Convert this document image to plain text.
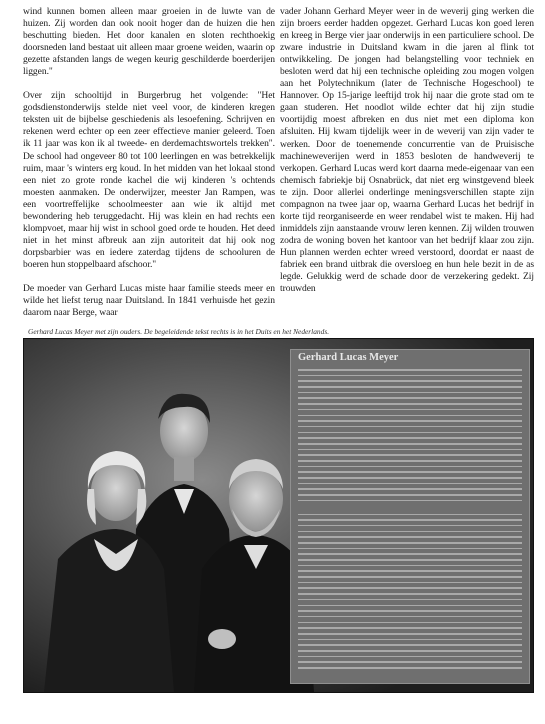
wind kunnen bomen alleen maar groeien in de luwte van de huizen. Zij worden dan ook nooit hoger dan de huizen die hen beschutting bieden. Het door kanalen en sloten rechthoekig doorsneden land bestaat uit alleen maar groene weiden, waarin op gezette afstanden langs de wegen keurig geschilderde boerderijen liggen."

Over zijn schooltijd in Burgerbrug het volgende: "Het godsdienstonderwijs stelde niet veel voor, de kinderen kregen teksten uit de bijbelse geschiedenis als lesoefening. Schrijven en rekenen werd echter op een zeer effectieve manier geleerd. Toen ik 11 jaar was kon ik al tweede- en derdemachtswortels trekken". De school had ongeveer 80 tot 100 leerlingen en was betrekkelijk ruim, maar 's winters erg koud. In het midden van het lokaal stond een niet zo grote ronde kachel die wij kinderen 's ochtends moesten aanmaken. De onderwijzer, meester Jan Rampen, was een voortreffelijke schoolmeester aan wie ik altijd met bewondering heb teruggedacht. Hij was klein en had rechts een klompvoet, maar hij wist in school goed orde te houden. Het deed niet in het minst afbreuk aan zijn autoriteit dat hij ook nog dorpsbarbier was en iedere zaterdag tijdens de schooluren de boeren hun stoppelbaard afschoor."

De moeder van Gerhard Lucas miste haar familie steeds meer en wilde het liefst terug naar Duitsland. In 1841 verhuisde het gezin daarom naar Berge, waar

vader Johann Gerhard Meyer weer in de weverij ging werken die zijn broers eerder hadden opgezet. Gerhard Lucas kon goed leren en kreeg in Berge vier jaar onderwijs in een particuliere school. De zware industrie in Duitsland kwam in die jaren al flink tot ontwikkeling. De jongen had belangstelling voor techniek en besloten werd dat hij een technische opleiding zou mogen volgen aan het Polytechnikum (later de Technische Hogeschool) te Hannover. Op 15-jarige leeftijd trok hij naar die grote stad om te gaan studeren. Het noodlot wilde echter dat hij zijn studie voortijdig moest afbreken en dus niet met een diploma kon afsluiten. Hij kwam tijdelijk weer in de weverij van zijn vader te werken. Door de toenemende concurrentie van de Pruisische machineweverijen werd in 1853 besloten de handweverij te verkopen. Gerhard Lucas werd kort daarna mede-eigenaar van een chemisch fabriekje bij Osnabrück, dat niet erg winstgevend bleek te zijn. Door allerlei onderlinge meningsverschillen stapte zijn compagnon na twee jaar op, waarna Gerhard Lucas het bedrijf in korte tijd reorganiseerde en weer rendabel wist te maken. Hij had inmiddels zijn aanstaande vrouw leren kennen. Zij wilden trouwen zodra de woning boven het kantoor van het bedrijf klaar zou zijn. Hun plannen werden echter wreed verstoord, doordat er naast de fabriek een brand uitbrak die oversloeg en hun hele bezit in de as legde. Gelukkig werd de schade door de verzekering gedekt. Zij trouwden

Gerhard Lucas Meyer met zijn ouders. De begeleidende tekst rechts is in het Duits en het Nederlands.
Gerhard Lucas Meyer
